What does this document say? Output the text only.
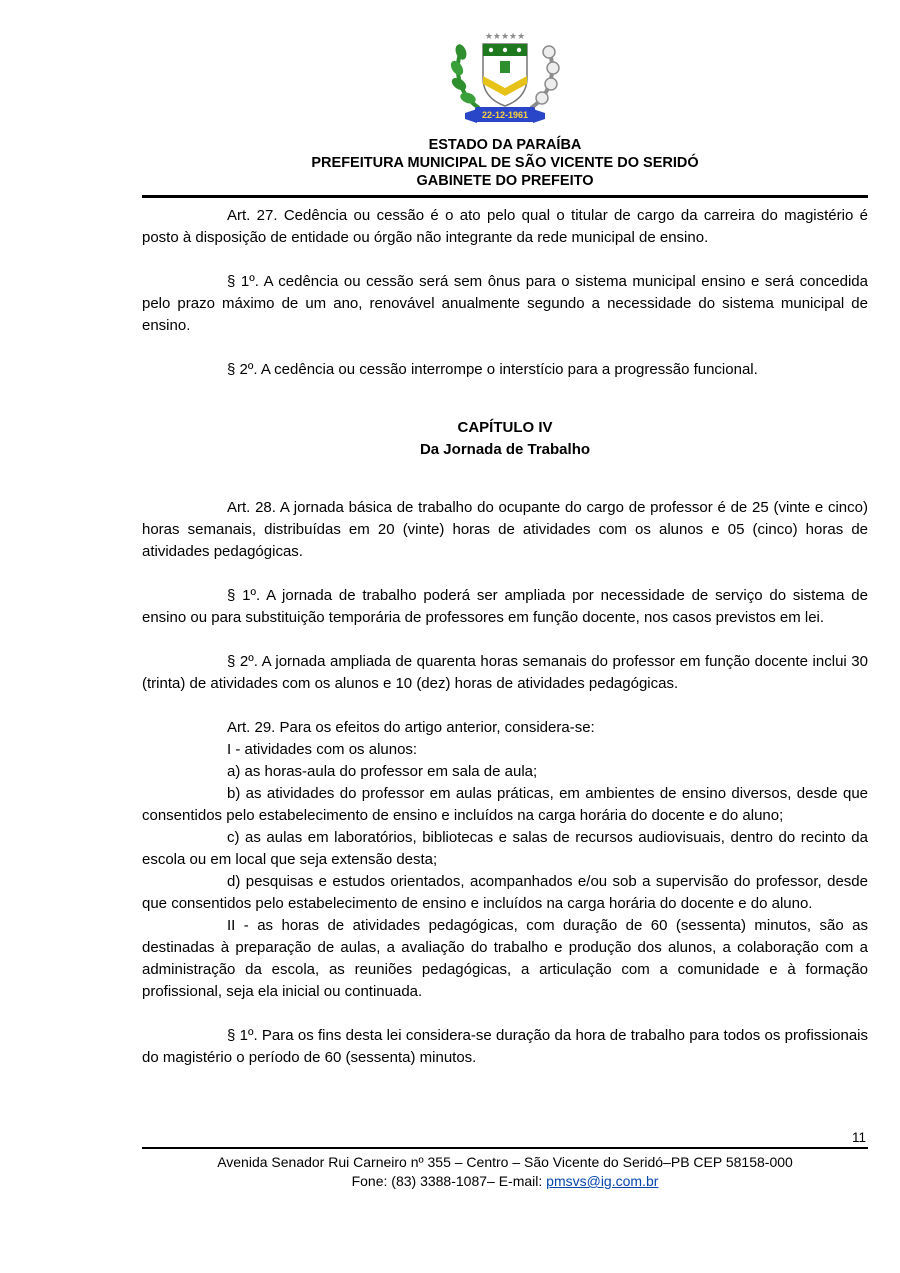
★★★★★
22-12-1961
ESTADO DA PARAÍBA
PREFEITURA MUNICIPAL DE SÃO VICENTE DO SERIDÓ
GABINETE DO PREFEITO

Art. 27. Cedência ou cessão é o ato pelo qual o titular de cargo da carreira do magistério é posto à disposição de entidade ou órgão não integrante da rede municipal de ensino.

§ 1º. A cedência ou cessão será sem ônus para o sistema municipal ensino e será concedida pelo prazo máximo de um ano, renovável anualmente segundo a necessidade do sistema municipal de ensino.

§ 2º. A cedência ou cessão interrompe o interstício para a progressão funcional.

CAPÍTULO IV

Da Jornada de Trabalho

Art. 28. A jornada básica de trabalho do ocupante do cargo de professor é de 25 (vinte e cinco) horas semanais, distribuídas em 20 (vinte) horas de atividades com os alunos e 05 (cinco) horas de atividades pedagógicas.

§ 1º. A jornada de trabalho poderá ser ampliada por necessidade de serviço do sistema de ensino ou para substituição temporária de professores em função docente, nos casos previstos em lei.

§ 2º. A jornada ampliada de quarenta horas semanais do professor em função docente inclui 30 (trinta) de atividades com os alunos e 10 (dez) horas de atividades pedagógicas.

Art. 29. Para os efeitos do artigo anterior, considera-se:

I - atividades com os alunos:

a) as horas-aula do professor em sala de aula;

b) as atividades do professor em aulas práticas, em ambientes de ensino diversos, desde que consentidos pelo estabelecimento de ensino e incluídos na carga horária do docente e do aluno;

c) as aulas em laboratórios, bibliotecas e salas de recursos audiovisuais, dentro do recinto da escola ou em local que seja extensão desta;

d) pesquisas e estudos orientados, acompanhados e/ou sob a supervisão do professor, desde que consentidos pelo estabelecimento de ensino e incluídos na carga horária do docente e do aluno.

II - as horas de atividades pedagógicas, com duração de 60 (sessenta) minutos, são as destinadas à preparação de aulas, a avaliação do trabalho e produção dos alunos, a colaboração com a administração da escola, as reuniões pedagógicas, a articulação com a comunidade e à formação profissional, seja ela inicial ou continuada.

§ 1º. Para os fins desta lei considera-se duração da hora de trabalho para todos os profissionais do magistério o período de 60 (sessenta) minutos.

11
Avenida Senador Rui Carneiro nº 355 – Centro – São Vicente do Seridó–PB CEP 58158-000
Fone: (83) 3388-1087– E-mail: pmsvs@ig.com.br
